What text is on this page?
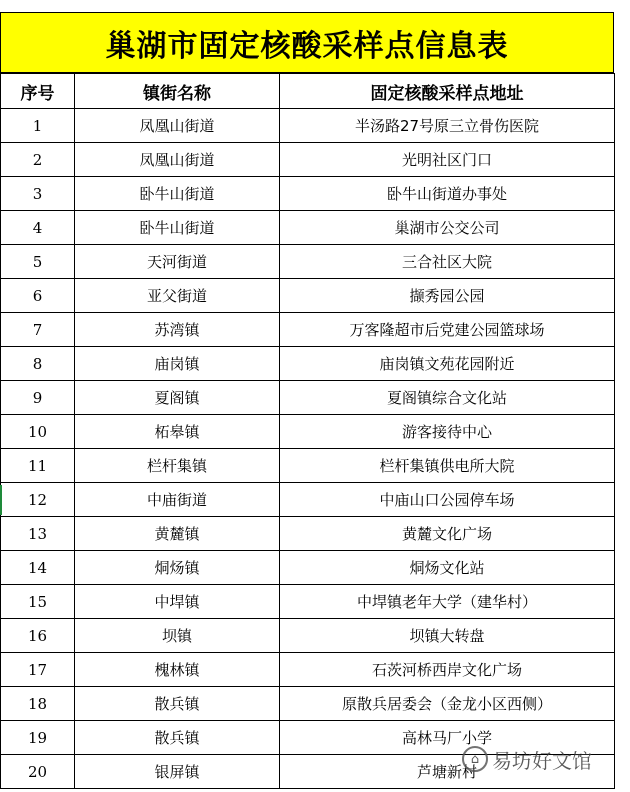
巢湖市固定核酸采样点信息表
序号	镇街名称	固定核酸采样点地址
1	凤凰山街道	半汤路27号原三立骨伤医院
2	凤凰山街道	光明社区门口
3	卧牛山街道	卧牛山街道办事处
4	卧牛山街道	巢湖市公交公司
5	天河街道	三合社区大院
6	亚父街道	撷秀园公园
7	苏湾镇	万客隆超市后党建公园篮球场
8	庙岗镇	庙岗镇文苑花园附近
9	夏阁镇	夏阁镇综合文化站
10	柘皋镇	游客接待中心
11	栏杆集镇	栏杆集镇供电所大院
12	中庙街道	中庙山口公园停车场
13	黄麓镇	黄麓文化广场
14	烔炀镇	烔炀文化站
15	中垾镇	中垾镇老年大学（建华村）
16	坝镇	坝镇大转盘
17	槐林镇	石茨河桥西岸文化广场
18	散兵镇	原散兵居委会（金龙小区西侧）
19	散兵镇	高林马厂小学
20	银屏镇	芦塘新村
⌂ 易坊好文馆
